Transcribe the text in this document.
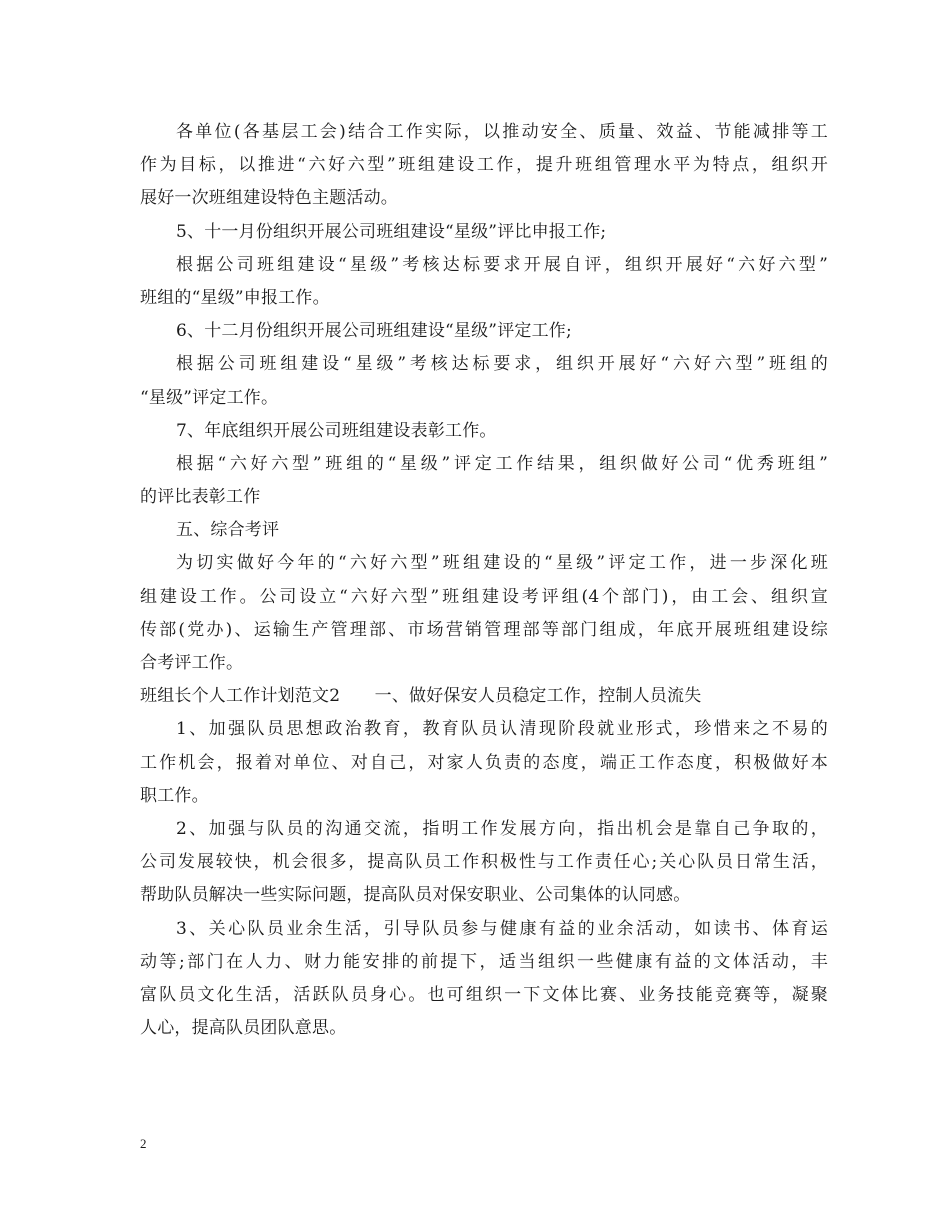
各单位(各基层工会)结合工作实际，以推动安全、质量、效益、节能减排等工
作为目标，以推进“六好六型”班组建设工作，提升班组管理水平为特点，组织开
展好一次班组建设特色主题活动。
5、十一月份组织开展公司班组建设“星级”评比申报工作;
根据公司班组建设“星级”考核达标要求开展自评，组织开展好“六好六型”
班组的“星级”申报工作。
6、十二月份组织开展公司班组建设“星级”评定工作;
根据公司班组建设“星级”考核达标要求，组织开展好“六好六型”班组的
“星级”评定工作。
7、年底组织开展公司班组建设表彰工作。
根据“六好六型”班组的“星级”评定工作结果，组织做好公司“优秀班组”
的评比表彰工作
五、综合考评
为切实做好今年的“六好六型”班组建设的“星级”评定工作，进一步深化班
组建设工作。公司设立“六好六型”班组建设考评组(4个部门)，由工会、组织宣
传部(党办)、运输生产管理部、市场营销管理部等部门组成，年底开展班组建设综
合考评工作。
班组长个人工作计划范文2　　一、做好保安人员稳定工作，控制人员流失
1、加强队员思想政治教育，教育队员认清现阶段就业形式，珍惜来之不易的
工作机会，报着对单位、对自己，对家人负责的态度，端正工作态度，积极做好本
职工作。
2、加强与队员的沟通交流，指明工作发展方向，指出机会是靠自己争取的，
公司发展较快，机会很多，提高队员工作积极性与工作责任心;关心队员日常生活，
帮助队员解决一些实际问题，提高队员对保安职业、公司集体的认同感。
3、关心队员业余生活，引导队员参与健康有益的业余活动，如读书、体育运
动等;部门在人力、财力能安排的前提下，适当组织一些健康有益的文体活动，丰
富队员文化生活，活跃队员身心。也可组织一下文体比赛、业务技能竞赛等，凝聚
人心，提高队员团队意思。
2
